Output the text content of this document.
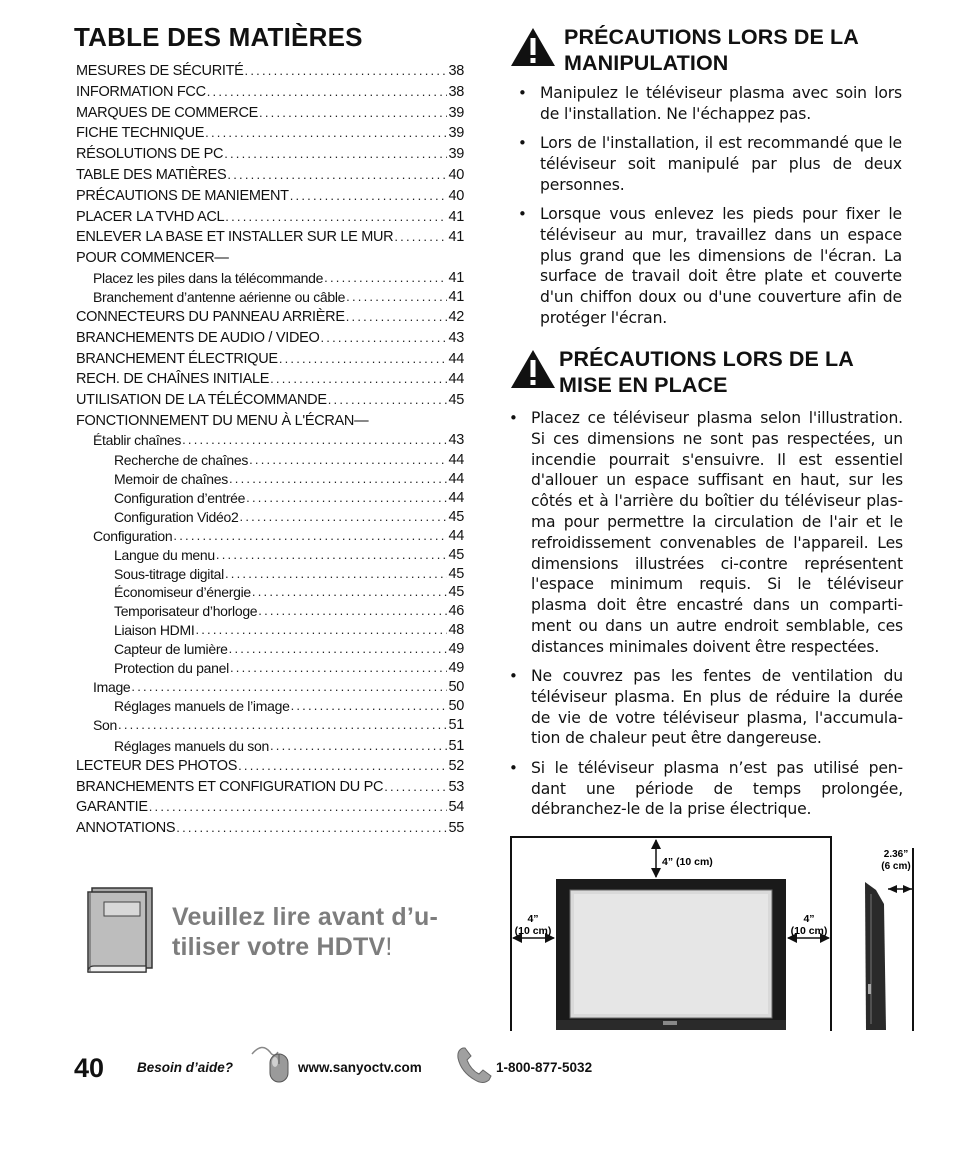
TABLE DES MATIÈRES
MESURES DE SÉCURITÉ .....	38
INFORMATION FCC .....	38
MARQUES DE COMMERCE .....	39
FICHE TECHNIQUE .....	39
RÉSOLUTIONS DE PC .....	39
TABLE DES MATIÈRES .....	40
PRÉCAUTIONS DE MANIEMENT .....	40
PLACER LA TVHD ACL .....	41
ENLEVER LA BASE ET INSTALLER SUR LE MUR .....	41
POUR COMMENCER—
Placez les piles dans la télécommande .....	41
Branchement d’antenne aérienne ou câble .....	41
CONNECTEURS DU PANNEAU ARRIÈRE .....	42
BRANCHEMENTS DE AUDIO / VIDEO .....	43
BRANCHEMENT ÉLECTRIQUE .....	44
RECH. DE CHAÎNES INITIALE .....	44
UTILISATION DE LA TÉLÉCOMMANDE .....	45
FONCTIONNEMENT DU MENU À L'ÉCRAN—
Établir chaînes .....	43
Recherche de chaînes .....	44
Memoir de chaînes .....	44
Configuration d’entrée .....	44
Configuration Vidéo2 .....	45
Configuration .....	44
Langue du menu .....	45
Sous-titrage digital .....	45
Économiseur d’énergie .....	45
Temporisateur d’horloge .....	46
Liaison HDMI .....	48
Capteur de lumière .....	49
Protection du panel .....	49
Image .....	50
Réglages manuels de l’image .....	50
Son .....	51
Réglages manuels du son .....	51
LECTEUR DES PHOTOS .....	52
BRANCHEMENTS ET CONFIGURATION DU PC .....	53
GARANTIE .....	54
ANNOTATIONS .....	55
Veuillez lire avant d’u-
tiliser votre HDTV!
PRÉCAUTIONS LORS DE LA
MANIPULATION
• Manipulez le téléviseur plasma avec soin lors de l'installation. Ne l'échappez pas.
• Lors de l'installation, il est recommandé que le téléviseur soit manipulé par plus de deux personnes.
• Lorsque vous enlevez les pieds pour fixer le téléviseur au mur, travaillez dans un espace plus grand que les dimensions de l'écran. La surface de travail doit être plate et couverte d'un chiffon doux ou d'une couverture afin de protéger l'écran.
PRÉCAUTIONS LORS DE LA
MISE EN PLACE
• Placez ce téléviseur plasma selon l'illustration. Si ces dimensions ne sont pas respectées, un incendie pourrait s'ensuivre. Il est essentiel d'allouer un espace suffisant en haut, sur les côtés et à l'arrière du boîtier du téléviseur plas-ma pour permettre la circulation de l'air et le refroidissement convenables de l'appareil. Les dimensions illustrées ci-contre représentent l'espace minimum requis. Si le téléviseur plasma doit être encastré dans un comparti-ment ou dans un autre endroit semblable, ces distances minimales doivent être respectées.
• Ne couvrez pas les fentes de ventilation du téléviseur plasma. En plus de réduire la durée de vie de votre téléviseur plasma, l'accumula-tion de chaleur peut être dangereuse.
• Si le téléviseur plasma n’est pas utilisé pen-dant une période de temps prolongée, débranchez-le de la prise électrique.
4” (10 cm)
4”
(10 cm)
4”
(10 cm)
2.36”
(6 cm)
40 Besoin d’aide?	www.sanyoctv.com	1-800-877-5032
